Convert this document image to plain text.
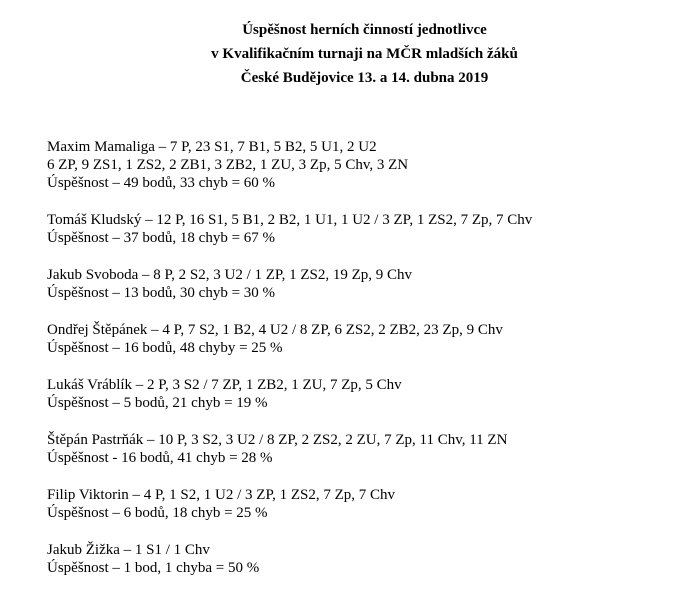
Úspěšnost herních činností jednotlivce
v Kvalifikačním turnaji na MČR mladších žáků
České Budějovice 13. a 14. dubna 2019
Maxim Mamaliga – 7 P, 23 S1, 7 B1, 5 B2, 5 U1, 2 U2
6 ZP, 9 ZS1, 1 ZS2, 2 ZB1, 3 ZB2, 1 ZU, 3 Zp, 5 Chv, 3 ZN
Úspěšnost – 49 bodů, 33 chyb = 60 %
Tomáš Kludský – 12 P, 16 S1, 5 B1, 2 B2, 1 U1, 1 U2 / 3 ZP, 1 ZS2, 7 Zp, 7 Chv
Úspěšnost – 37 bodů, 18 chyb = 67 %
Jakub Svoboda – 8 P, 2 S2, 3 U2 / 1 ZP, 1 ZS2, 19 Zp, 9 Chv
Úspěšnost – 13 bodů, 30 chyb = 30 %
Ondřej Štěpánek – 4 P, 7 S2, 1 B2, 4 U2 / 8 ZP, 6 ZS2, 2 ZB2, 23 Zp, 9 Chv
Úspěšnost – 16 bodů, 48 chyby = 25 %
Lukáš Vráblík – 2 P, 3 S2 / 7 ZP, 1 ZB2, 1 ZU, 7 Zp, 5 Chv
Úspěšnost – 5 bodů, 21 chyb = 19 %
Štěpán Pastrňák – 10 P, 3 S2, 3 U2 / 8 ZP, 2 ZS2, 2 ZU, 7 Zp, 11 Chv, 11 ZN
Úspěšnost - 16 bodů, 41 chyb = 28 %
Filip Viktorin – 4 P, 1 S2, 1 U2 / 3 ZP, 1 ZS2, 7 Zp, 7 Chv
Úspěšnost – 6 bodů, 18 chyb = 25 %
Jakub Žižka – 1 S1 / 1 Chv
Úspěšnost – 1 bod, 1 chyba = 50 %
